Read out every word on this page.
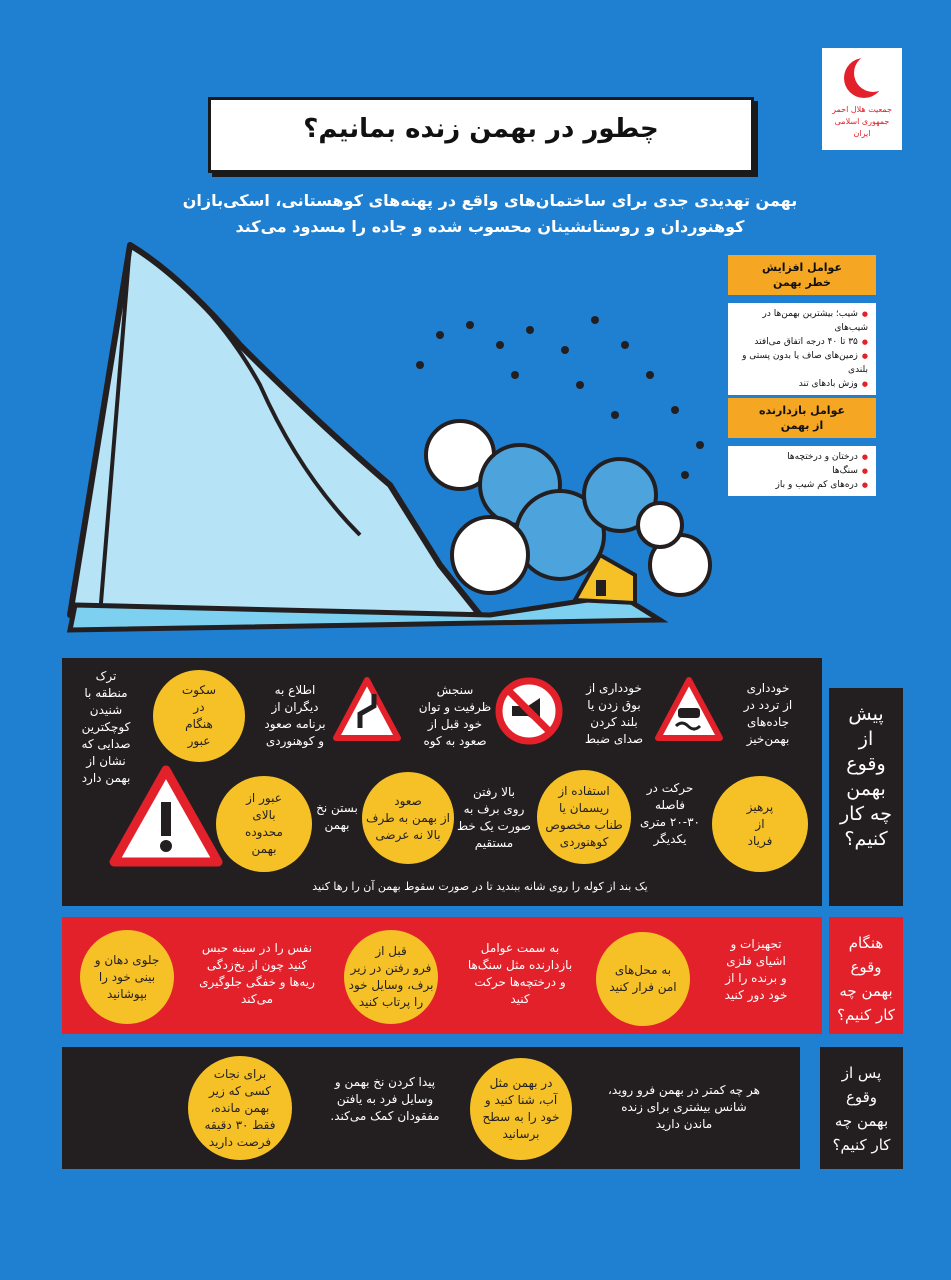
جمعیت هلال احمر
جمهوری اسلامی ایران
چطور در بهمن زنده بمانیم؟
بهمن تهدیدی جدی برای ساختمان‌های واقع در پهنه‌های کوهستانی، اسکی‌بازان
کوهنوردان و روستانشینان محسوب شده و جاده را مسدود می‌کند
عوامل افزایش
خطر بهمن
● شیب؛ بیشترین بهمن‌ها در شیب‌های
● ۳۵ تا ۴۰ درجه اتفاق می‌افتد
● زمین‌های صاف یا بدون پستی و بلندی
● وزش بادهای تند
عوامل بازدارنده
از بهمن
● درختان و درختچه‌ها
● سنگ‌ها
● دره‌های کم شیب و باز
پیش
از
وقوع
بهمن
چه کار
کنیم؟
خودداری
از تردد در
جاده‌های
بهمن‌خیز
خودداری از
بوق زدن یا
بلند کردن
صدای ضبط
سنجش
ظرفیت و توان
خود قبل از
صعود به کوه
اطلاع به
دیگران از
برنامه صعود
و کوهنوردی
سکوت
در
هنگام
عبور
ترک
منطقه با
شنیدن
کوچکترین
صدایی که
نشان از
بهمن دارد
پرهیز
از
فریاد
حرکت در
فاصله
۲۰-۳۰ متری
یکدیگر
استفاده از
ریسمان یا
طناب مخصوص
کوهنوردی
بالا رفتن
روی برف به
صورت یک خط
مستقیم
صعود
از بهمن به طرف
بالا نه عرضی
بستن نخ
بهمن
عبور از
بالای
محدوده
بهمن
یک بند از کوله را روی شانه ببندید تا در صورت سقوط بهمن آن را رها کنید
هنگام
وقوع
بهمن چه
کار کنیم؟
تجهیزات و
اشیای فلزی
و برنده را از
خود دور کنید
به محل‌های
امن فرار کنید
به سمت عوامل
بازدارنده مثل سنگ‌ها
و درختچه‌ها حرکت
کنید
قبل از
فرو رفتن در زیر
برف، وسایل خود
را پرتاب کنید
نفس را در سینه حبس
کنید چون از یخ‌زدگی
ریه‌ها و خفگی جلوگیری
می‌کند
جلوی دهان و
بینی خود را
بپوشانید
پس از
وقوع
بهمن چه
کار کنیم؟
هر چه کمتر در بهمن فرو روید،
شانس بیشتری برای زنده
ماندن دارید
در بهمن مثل
آب، شنا کنید و
خود را به سطح
برسانید
پیدا کردن نخ بهمن و
وسایل فرد به یافتن
مفقودان کمک می‌کند.
برای نجات
کسی که زیر
بهمن مانده،
فقط ۳۰ دقیقه
فرصت دارید
